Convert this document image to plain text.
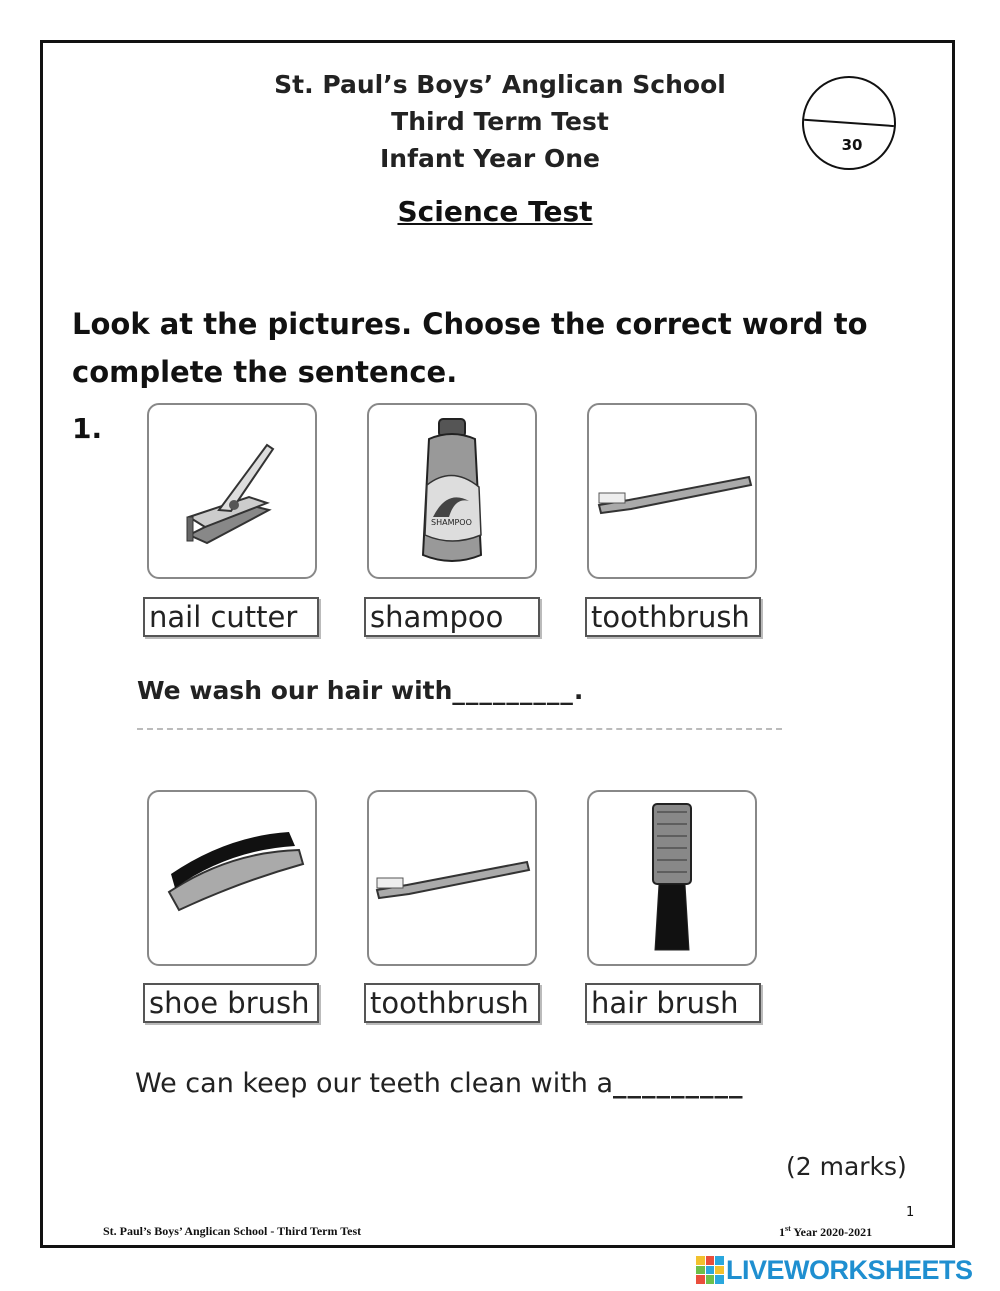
St. Paul’s Boys’ Anglican School
Third Term Test
Infant Year One
Science Test
30
Look at the pictures. Choose the correct word to complete the sentence.
1.
SHAMPOO
nail cutter	shampoo	toothbrush
We wash our hair with_________.
shoe brush	toothbrush	hair brush
We can keep our teeth clean with a_________
(2 marks)
1
St. Paul’s Boys’ Anglican School - Third Term Test	1st Year 2020-2021
LIVEWORKSHEETS
